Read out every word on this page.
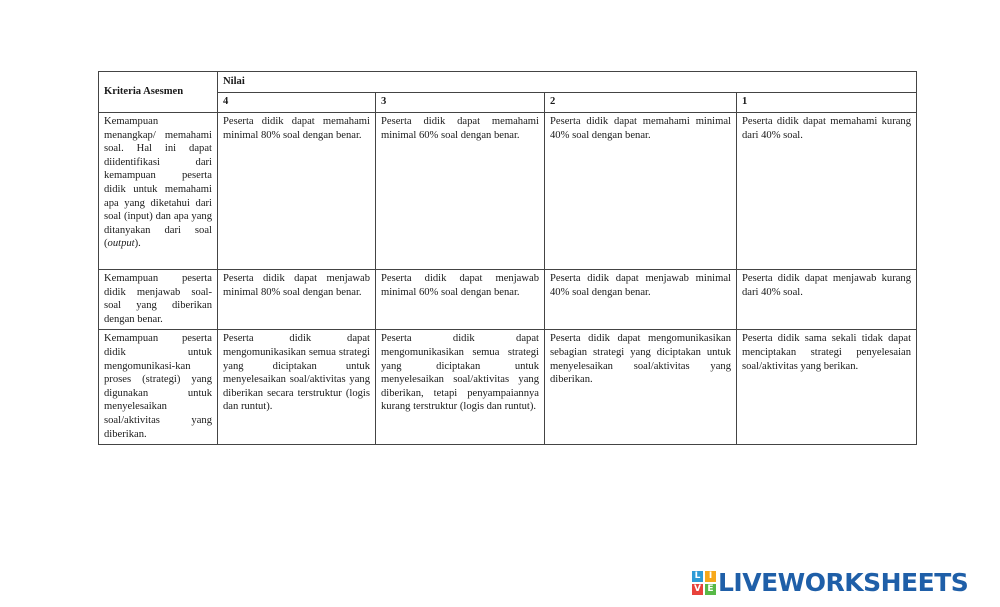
Kriteria Asesmen	Nilai			
	4	3	2	1
Kemampuan menangkap/ memahami soal. Hal ini dapat diidentifikasi dari kemampuan peserta didik untuk memahami apa yang diketahui dari soal (input) dan apa yang ditanyakan dari soal (output).	Peserta didik dapat memahami minimal 80% soal dengan benar.	Peserta didik dapat memahami minimal 60% soal dengan benar.	Peserta didik dapat memahami minimal 40% soal dengan benar.	Peserta didik dapat memahami kurang dari 40% soal.
Kemampuan peserta didik menjawab soal-soal yang diberikan dengan benar.	Peserta didik dapat menjawab minimal 80% soal dengan benar.	Peserta didik dapat menjawab minimal 60% soal dengan benar.	Peserta didik dapat menjawab minimal 40% soal dengan benar.	Peserta didik dapat menjawab kurang dari 40% soal.
Kemampuan peserta didik untuk mengomunikasi-kan proses (strategi) yang digunakan untuk menyelesaikan soal/aktivitas yang diberikan.	Peserta didik dapat mengomunikasikan semua strategi yang diciptakan untuk menyelesaikan soal/aktivitas yang diberikan secara terstruktur (logis dan runtut).	Peserta didik dapat mengomunikasikan semua strategi yang diciptakan untuk menyelesaikan soal/aktivitas yang diberikan, tetapi penyampaiannya kurang terstruktur (logis dan runtut).	Peserta didik dapat mengomunikasikan sebagian strategi yang diciptakan untuk menyelesaikan soal/aktivitas yang diberikan.	Peserta didik sama sekali tidak dapat menciptakan strategi penyelesaian soal/aktivitas yang berikan.
L I
V E LIVEWORKSHEETS
